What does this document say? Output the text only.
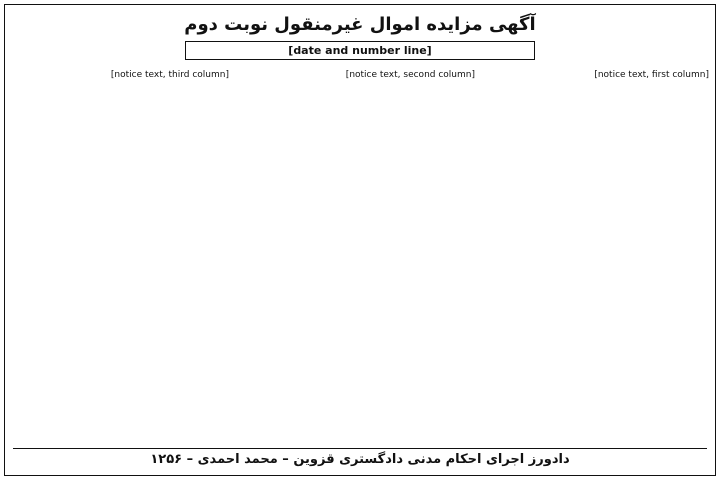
آگهی مزایده اموال غیرمنقول نوبت دوم
[date and number line]

[notice text, first column]

[notice text, second column]

[notice text, third column]

دادورز اجرای احکام مدنی دادگستری قزوین – محمد احمدی – ۱۲۵۶
